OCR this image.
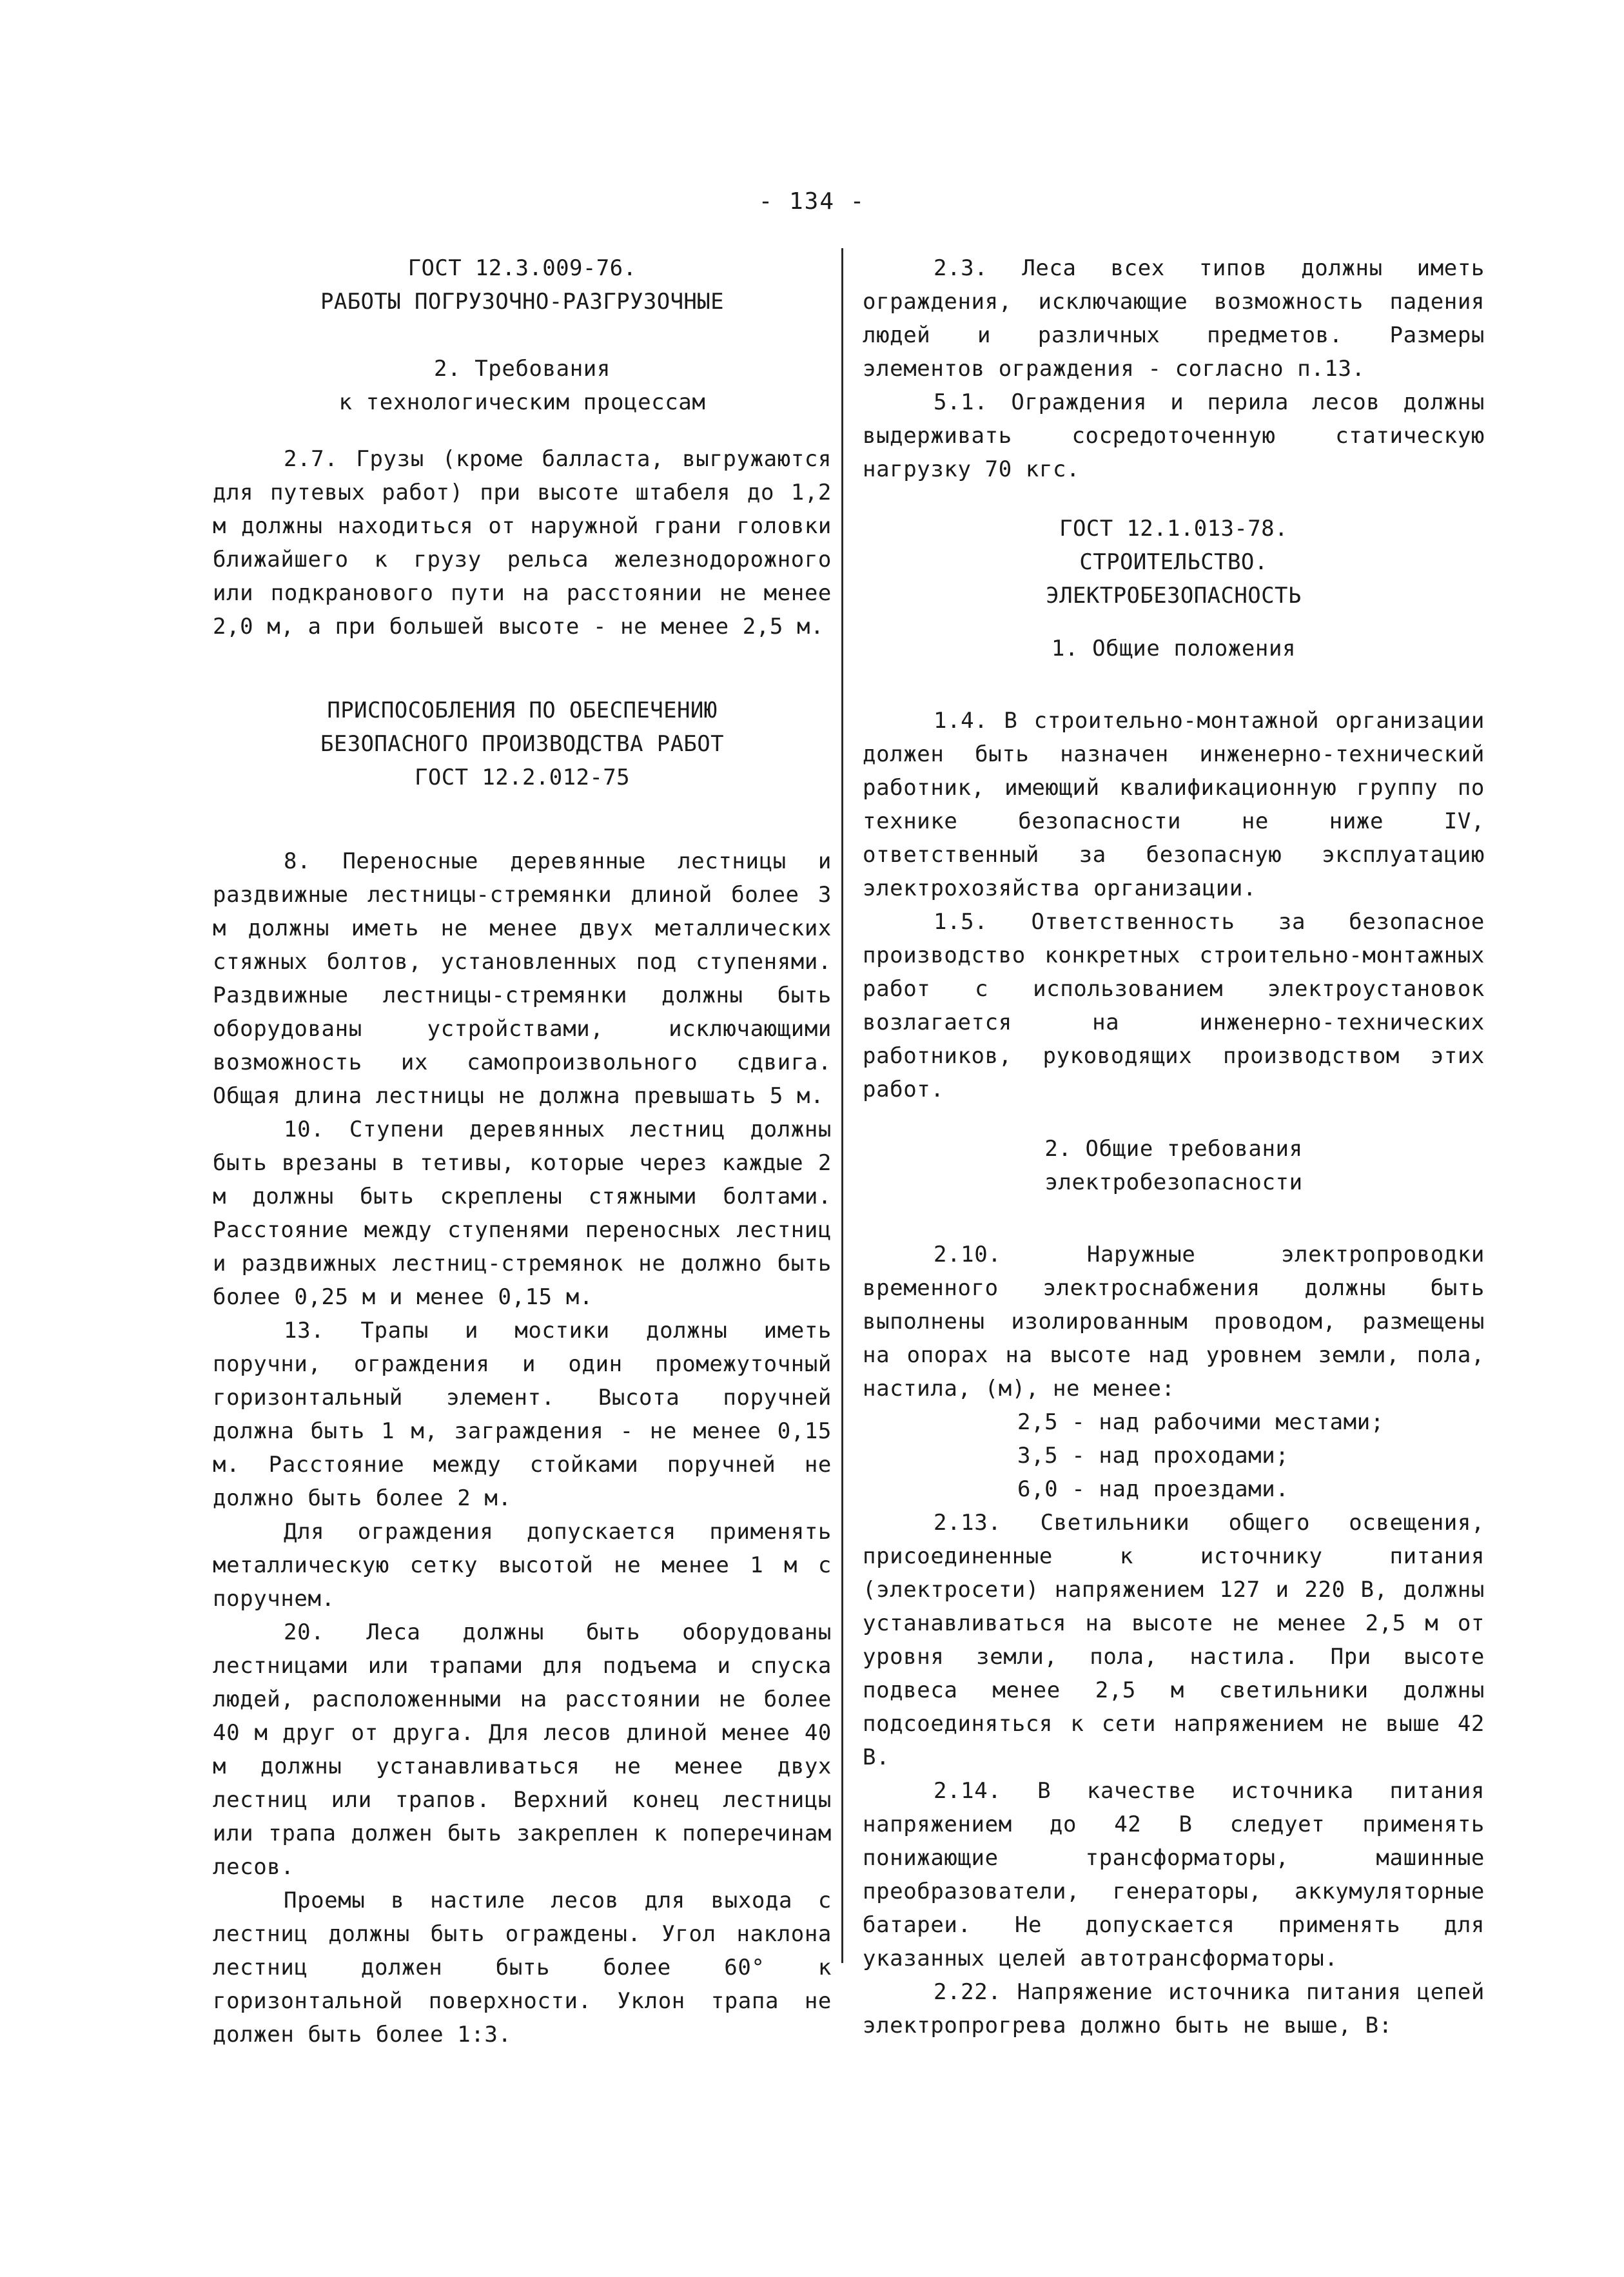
- 134 -
ГОСТ 12.3.009-76.
РАБОТЫ ПОГРУЗОЧНО-РАЗГРУЗОЧНЫЕ
2. Требования
к технологическим процессам

2.7. Грузы (кроме балласта, выгружаются для путевых работ) при высоте штабеля до 1,2 м должны находиться от наружной грани головки ближайшего к грузу рельса железнодорожного или подкранового пути на расстоянии не менее 2,0 м, а при большей высоте - не менее 2,5 м.

ПРИСПОСОБЛЕНИЯ ПО ОБЕСПЕЧЕНИЮ
БЕЗОПАСНОГО ПРОИЗВОДСТВА РАБОТ
ГОСТ 12.2.012-75

8. Переносные деревянные лестницы и раздвижные лестницы-стремянки длиной более 3 м должны иметь не менее двух металлических стяжных болтов, установленных под ступенями. Раздвижные лестницы-стремянки должны быть оборудованы устройствами, исключающими возможность их самопроизвольного сдвига. Общая длина лестницы не должна превышать 5 м.

10. Ступени деревянных лестниц должны быть врезаны в тетивы, которые через каждые 2 м должны быть скреплены стяжными болтами. Расстояние между ступенями переносных лестниц и раздвижных лестниц-стремянок не должно быть более 0,25 м и менее 0,15 м.

13. Трапы и мостики должны иметь поручни, ограждения и один промежуточный горизонтальный элемент. Высота поручней должна быть 1 м, заграждения - не менее 0,15 м. Расстояние между стойками поручней не должно быть более 2 м.

Для ограждения допускается применять металлическую сетку высотой не менее 1 м с поручнем.

20. Леса должны быть оборудованы лестницами или трапами для подъема и спуска людей, расположенными на расстоянии не более 40 м друг от друга. Для лесов длиной менее 40 м должны устанавливаться не менее двух лестниц или трапов. Верхний конец лестницы или трапа должен быть закреплен к поперечинам лесов.

Проемы в настиле лесов для выхода с лестниц должны быть ограждены. Угол наклона лестниц должен быть более 60° к горизонтальной поверхности. Уклон трапа не должен быть более 1:3.

2.3. Леса всех типов должны иметь ограждения, исключающие возможность падения людей и различных предметов. Размеры элементов ограждения - согласно п.13.

5.1. Ограждения и перила лесов должны выдерживать сосредоточенную статическую нагрузку 70 кгс.

ГОСТ 12.1.013-78.
СТРОИТЕЛЬСТВО.
ЭЛЕКТРОБЕЗОПАСНОСТЬ
1. Общие положения

1.4. В строительно-монтажной организации должен быть назначен инженерно-технический работник, имеющий квалификационную группу по технике безопасности не ниже IV, ответственный за безопасную эксплуатацию электрохозяйства организации.

1.5. Ответственность за безопасное производство конкретных строительно-монтажных работ с использованием электроустановок возлагается на инженерно-технических работников, руководящих производством этих работ.

2. Общие требования
электробезопасности

2.10. Наружные электропроводки временного электроснабжения должны быть выполнены изолированным проводом, размещены на опорах на высоте над уровнем земли, пола, настила, (м), не менее:

2,5 - над рабочими местами;

3,5 - над проходами;

6,0 - над проездами.

2.13. Светильники общего освещения, присоединенные к источнику питания (электросети) напряжением 127 и 220 В, должны устанавливаться на высоте не менее 2,5 м от уровня земли, пола, настила. При высоте подвеса менее 2,5 м светильники должны подсоединяться к сети напряжением не выше 42 В.

2.14. В качестве источника питания напряжением до 42 В следует применять понижающие трансформаторы, машинные преобразователи, генераторы, аккумуляторные батареи. Не допускается применять для указанных целей автотрансформаторы.

2.22. Напряжение источника питания цепей электропрогрева должно быть не выше, В:
